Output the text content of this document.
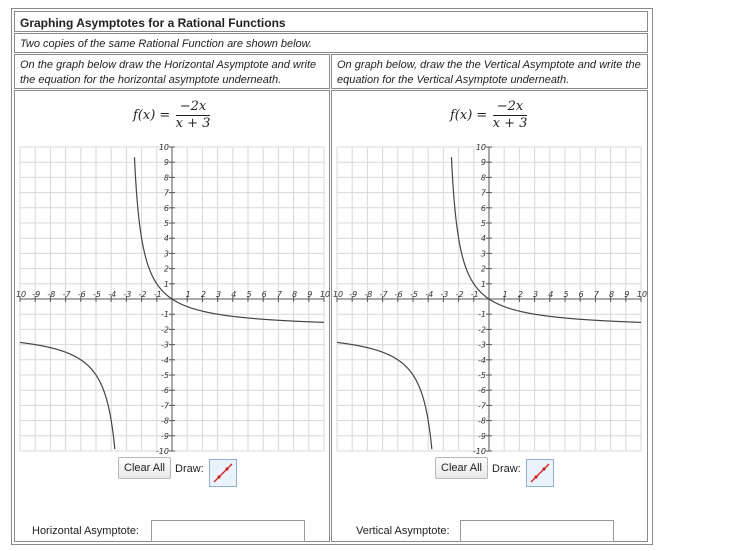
Graphing Asymptotes for a Rational Functions
Two copies of the same Rational Function are shown below.
On the graph below draw the Horizontal Asymptote and write the equation for the horizontal asymptote underneath.
On graph below, draw the the Vertical Asymptote and write the equation for the Vertical Asymptote underneath.
f(x) =
−2x
x + 3
10 -9 -8 -7 -6 -5 -4 -3 -2 -1	1 2 3 4 5 6 7 8 9 10
10
9
8
7
6
5
4
3
2
1
-1
-2
-3
-4
-5
-6
-7
-8
-9
-10
Clear All Draw:
Horizontal Asymptote:
f(x) =
−2x
x + 3
10 -9 -8 -7 -6 -5 -4 -3 -2 -1	1 2 3 4 5 6 7 8 9 10
10
9
8
7
6
5
4
3
2
1
-1
-2
-3
-4
-5
-6
-7
-8
-9
-10
Clear All Draw:
Vertical Asymptote:
